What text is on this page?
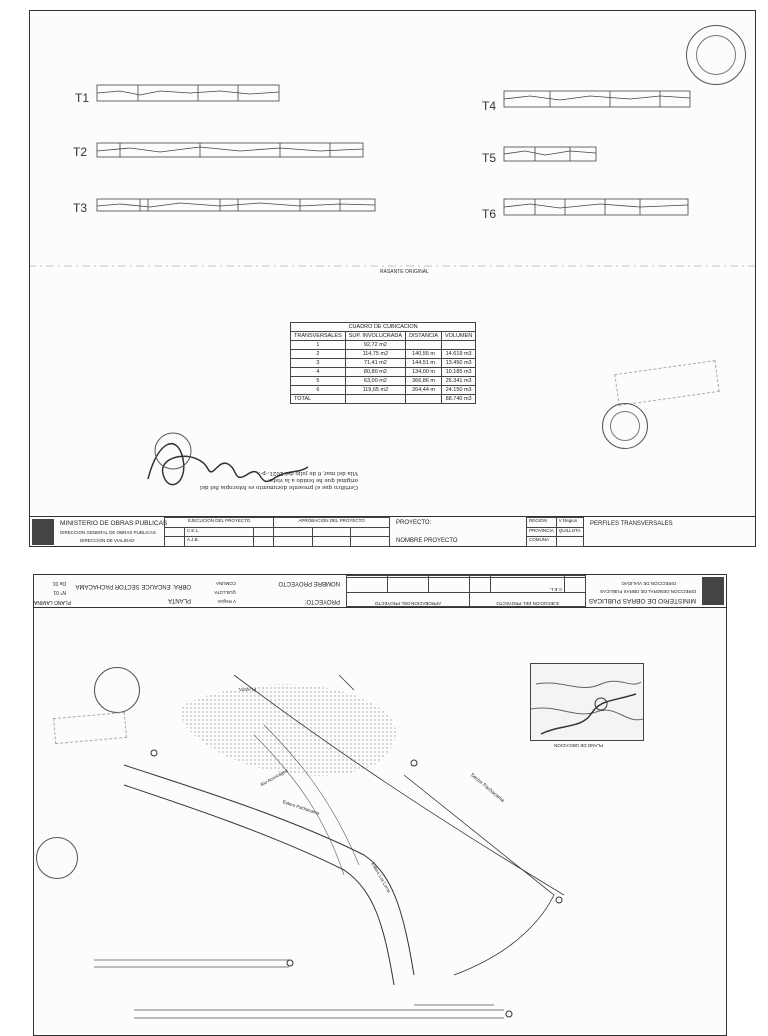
T1
T2
T3
T4
T5
T6
RASANTE ORIGINAL
CUADRO DE CUBICACION			
TRANSVERSALES	SUP. INVOLUCRADA	DISTANCIA	VOLUMEN
1	92,72 m2		
2	114,75 m2	140,55 m	14.619 m3
3	71,41 m2	144,51 m	13.450 m3
4	80,80 m2	134,00 m	10.185 m3
5	63,00 m2	366,86 m	26.341 m3
6	119,65 m2	264,44 m	24.150 m3
TOTAL			88.740 m3
Certifico que el presente documento es fotocopia fiel del
original que he tenido a la vista.
Vila del mar, 6 de julio del 2021.-p-.-
MINISTERIO DE OBRAS PUBLICAS
DIRECCION GENERAL DE OBRAS PUBLICAS
DIRECCION DE VIALIDAD
EJECUCION DEL PROYECTO			APROBACION DEL PROYECTO		
	C.E.L.				
	A.J.B.				
PROYECTO:
NOMBRE PROYECTO
REGION	V Region
PROVINCIA	QUILLOTA
COMUNA	
PERFILES TRANSVERSALES
MINISTERIO DE OBRAS PUBLICAS
DIRECCION GENERAL DE OBRAS PUBLICAS
DIRECCION DE VIALIDAD
EJECUCION DEL PROYECTO			APROBACION DEL PROYECTO		
	C.E.L.				

PROYECTO:
NOMBRE PROYECTO
V Region
QUILLOTA
COMUNA
PLANTA
OBRA: ENCAUCE SECTOR PACHACAMA
PLANO LAMINA
N° 01
De 01
PLANO DE UBICACION
Sector Pachacama
Estero Pachacama
Rio Aconcagua
Estero Los Loros
PLANTA
